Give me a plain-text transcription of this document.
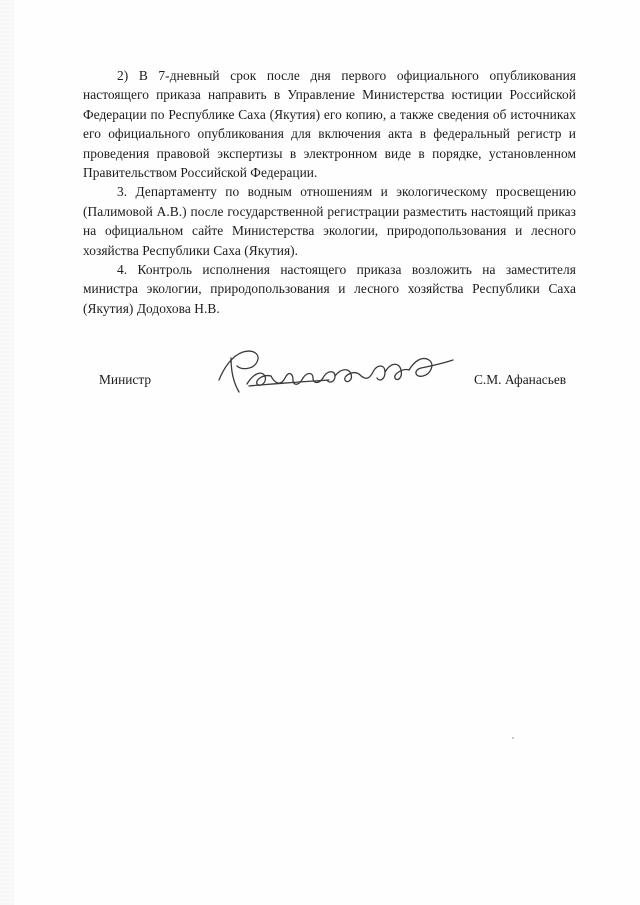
2) В 7-дневный срок после дня первого официального опубликования настоящего приказа направить в Управление Министерства юстиции Российской Федерации по Республике Саха (Якутия) его копию, а также сведения об источниках его официального опубликования для включения акта в федеральный регистр и проведения правовой экспертизы в электронном виде в порядке, установленном Правительством Российской Федерации.

3. Департаменту по водным отношениям и экологическому просвещению (Палимовой А.В.) после государственной регистрации разместить настоящий приказ на официальном сайте Министерства экологии, природопользования и лесного хозяйства Республики Саха (Якутия).

4. Контроль исполнения настоящего приказа возложить на заместителя министра экологии, природопользования и лесного хозяйства Республики Саха (Якутия) Додохова Н.В.

Министр	С.М. Афанасьев
